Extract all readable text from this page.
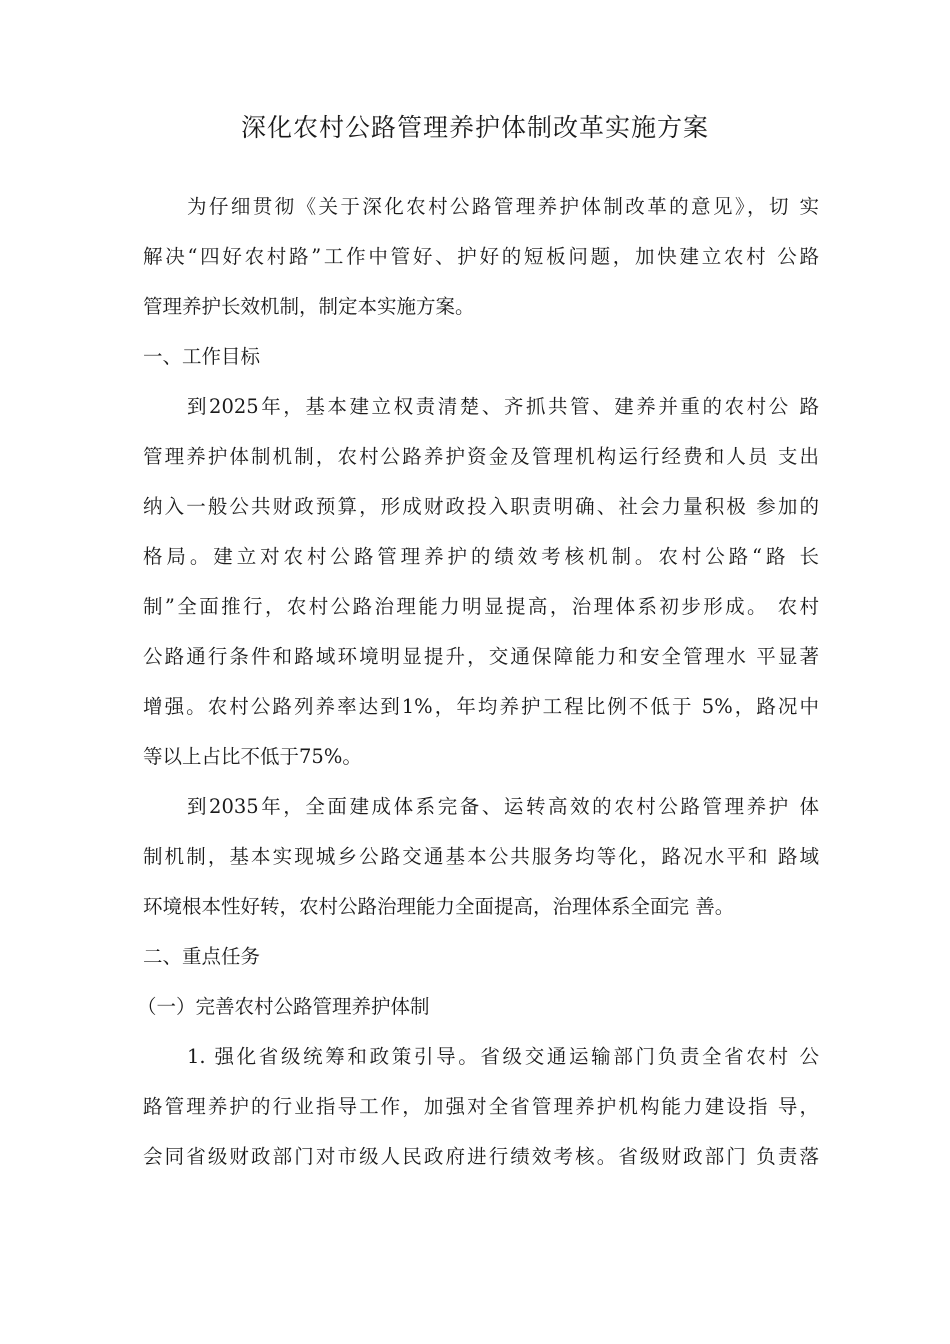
深化农村公路管理养护体制改革实施方案
为仔细贯彻《关于深化农村公路管理养护体制改革的意见》，切 实
解决“四好农村路”工作中管好、护好的短板问题，加快建立农村 公路
管理养护长效机制，制定本实施方案。
一、工作目标
到2025年，基本建立权责清楚、齐抓共管、建养并重的农村公 路
管理养护体制机制，农村公路养护资金及管理机构运行经费和人员 支出
纳入一般公共财政预算，形成财政投入职责明确、社会力量积极 参加的
格局。建立对农村公路管理养护的绩效考核机制。农村公路“路 长
制”全面推行，农村公路治理能力明显提高，治理体系初步形成。 农村
公路通行条件和路域环境明显提升，交通保障能力和安全管理水 平显著
增强。农村公路列养率达到1%，年均养护工程比例不低于 5%，路况中
等以上占比不低于75%。
到2035年，全面建成体系完备、运转高效的农村公路管理养护 体
制机制，基本实现城乡公路交通基本公共服务均等化，路况水平和 路域
环境根本性好转，农村公路治理能力全面提高，治理体系全面完 善。
二、重点任务
（一）完善农村公路管理养护体制
1. 强化省级统筹和政策引导。省级交通运输部门负责全省农村 公
路管理养护的行业指导工作，加强对全省管理养护机构能力建设指 导，
会同省级财政部门对市级人民政府进行绩效考核。省级财政部门 负责落
